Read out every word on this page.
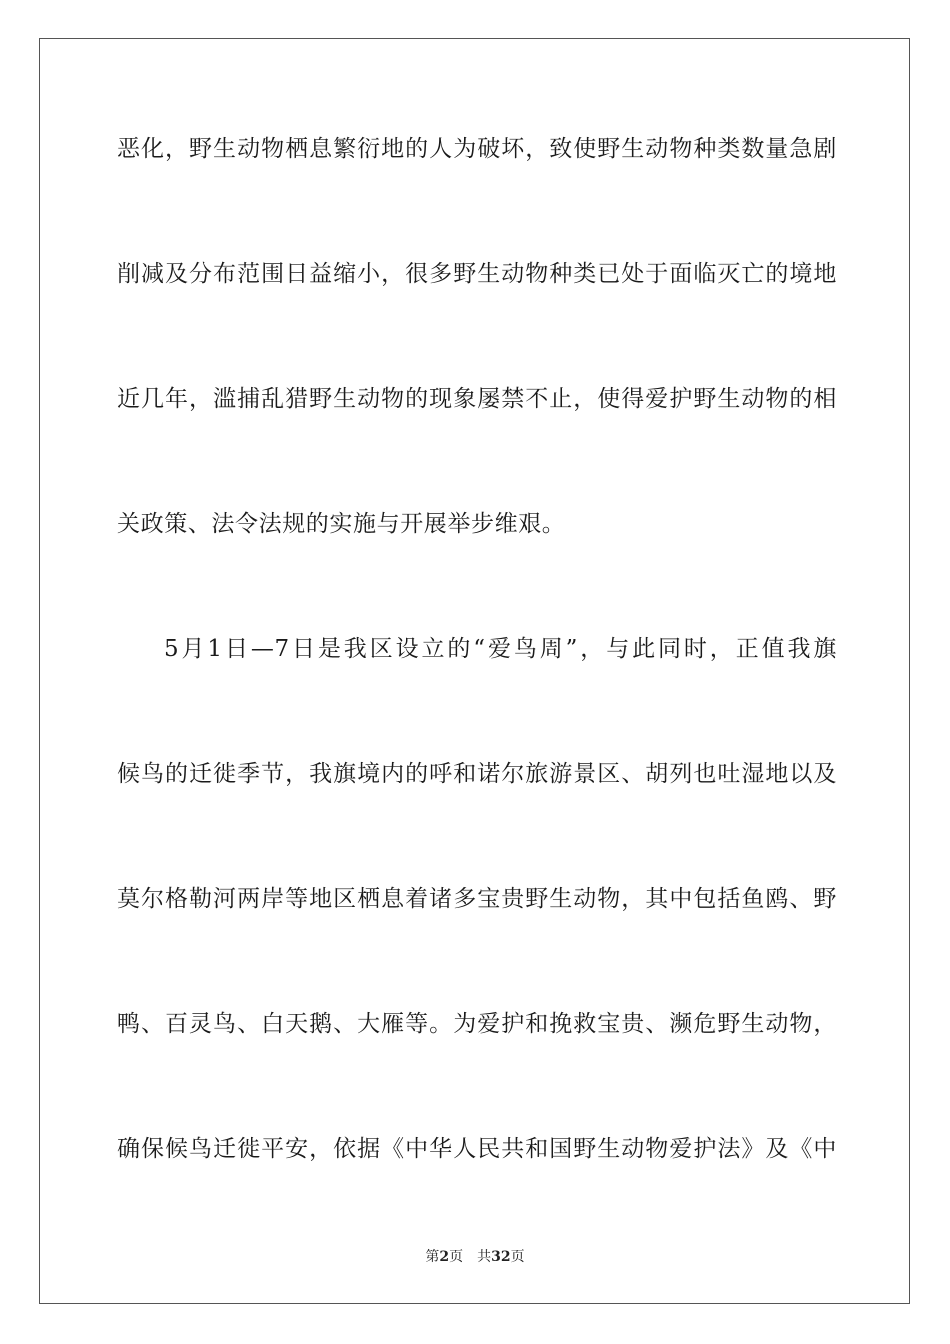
恶化，野生动物栖息繁衍地的人为破坏，致使野生动物种类数量急剧
削减及分布范围日益缩小，很多野生动物种类已处于面临灭亡的境地
近几年，滥捕乱猎野生动物的现象屡禁不止，使得爱护野生动物的相
关政策、法令法规的实施与开展举步维艰。
5月1日—7日是我区设立的“爱鸟周”，与此同时，正值我旗
候鸟的迁徙季节，我旗境内的呼和诺尔旅游景区、胡列也吐湿地以及
莫尔格勒河两岸等地区栖息着诸多宝贵野生动物，其中包括鱼鸥、野
鸭、百灵鸟、白天鹅、大雁等。为爱护和挽救宝贵、濒危野生动物，
确保候鸟迁徙平安，依据《中华人民共和国野生动物爱护法》及《中
第2页 共32页
